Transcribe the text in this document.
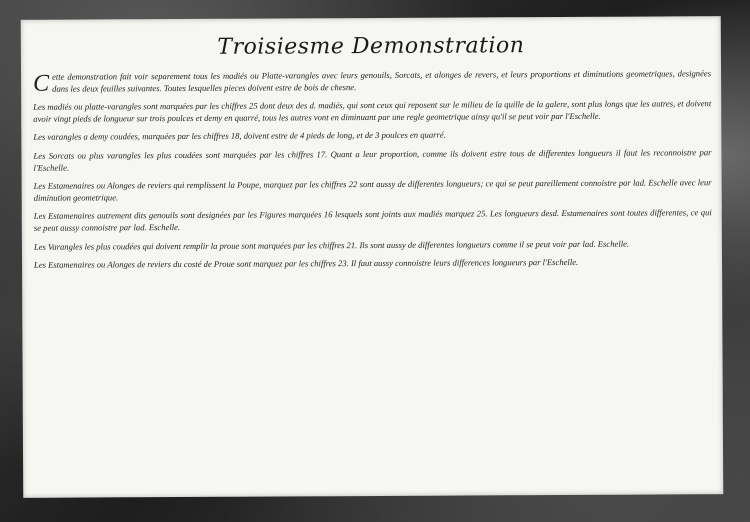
Troisiesme Demonstration

Cette demonstration fait voir separement tous les madiés ou Platte-varangles avec leurs genouils, Sorcats, et alonges de revers, et leurs proportions et diminutions geometriques, designées dans les deux feuilles suivantes. Toutes lesquelles pieces doivent estre de bois de chesne.

Les madiés ou platte-varangles sont marquées par les chiffres 25 dont deux des d. madiés, qui sont ceux qui reposent sur le milieu de la quille de la galere, sont plus longs que les autres, et doivent avoir vingt pieds de longueur sur trois poulces et demy en quarré, tous les autres vont en diminuant par une regle geometrique ainsy qu'il se peut voir par l'Eschelle.

Les varangles a demy coudées, marquées par les chiffres 18, doivent estre de 4 pieds de long, et de 3 poulces en quarré.

Les Sorcats ou plus varangles les plus coudées sont marquées par les chiffres 17. Quant a leur proportion, comme ils doivent estre tous de differentes longueurs il faut les reconnoistre par l'Eschelle.

Les Estamenaires ou Alonges de reviers qui remplissent la Poupe, marquez par les chiffres 22 sont aussy de differentes longueurs; ce qui se peut pareillement connoistre par lad. Eschelle avec leur diminution geometrique.

Les Estamenaires autrement dits genouils sont designées par les Figures marquées 16 lesquels sont joints aux madiés marquez 25. Les longueurs desd. Estamenaires sont toutes differentes, ce qui se peut aussy connoistre par lad. Eschelle.

Les Varangles les plus coudées qui doivent remplir la proue sont marquées par les chiffres 21. Ils sont aussy de differentes longueurs comme il se peut voir par lad. Eschelle.

Les Estamenaires ou Alonges de reviers du costé de Proue sont marquez par les chiffres 23. Il faut aussy connoistre leurs differences longueurs par l'Eschelle.
